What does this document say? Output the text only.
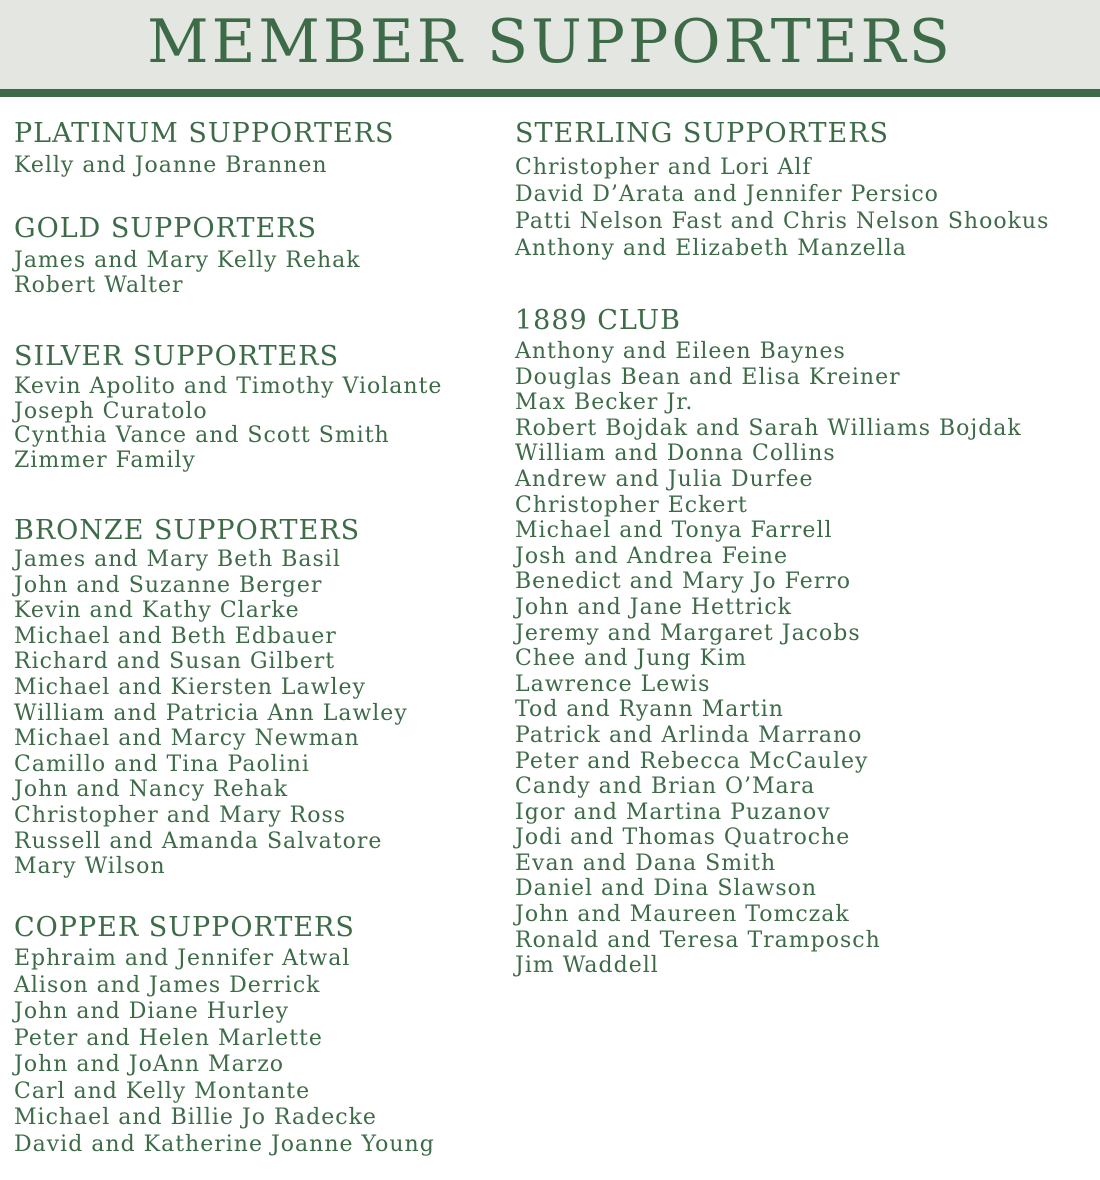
MEMBER SUPPORTERS
PLATINUM SUPPORTERS
Kelly and Joanne Brannen
GOLD SUPPORTERS
James and Mary Kelly Rehak
Robert Walter
SILVER SUPPORTERS
Kevin Apolito and Timothy Violante
Joseph Curatolo
Cynthia Vance and Scott Smith
Zimmer Family
BRONZE SUPPORTERS
James and Mary Beth Basil
John and Suzanne Berger
Kevin and Kathy Clarke
Michael and Beth Edbauer
Richard and Susan Gilbert
Michael and Kiersten Lawley
William and Patricia Ann Lawley
Michael and Marcy Newman
Camillo and Tina Paolini
John and Nancy Rehak
Christopher and Mary Ross
Russell and Amanda Salvatore
Mary Wilson
COPPER SUPPORTERS
Ephraim and Jennifer Atwal
Alison and James Derrick
John and Diane Hurley
Peter and Helen Marlette
John and JoAnn Marzo
Carl and Kelly Montante
Michael and Billie Jo Radecke
David and Katherine Joanne Young
STERLING SUPPORTERS
Christopher and Lori Alf
David D’Arata and Jennifer Persico
Patti Nelson Fast and Chris Nelson Shookus
Anthony and Elizabeth Manzella
1889 CLUB
Anthony and Eileen Baynes
Douglas Bean and Elisa Kreiner
Max Becker Jr.
Robert Bojdak and Sarah Williams Bojdak
William and Donna Collins
Andrew and Julia Durfee
Christopher Eckert
Michael and Tonya Farrell
Josh and Andrea Feine
Benedict and Mary Jo Ferro
John and Jane Hettrick
Jeremy and Margaret Jacobs
Chee and Jung Kim
Lawrence Lewis
Tod and Ryann Martin
Patrick and Arlinda Marrano
Peter and Rebecca McCauley
Candy and Brian O’Mara
Igor and Martina Puzanov
Jodi and Thomas Quatroche
Evan and Dana Smith
Daniel and Dina Slawson
John and Maureen Tomczak
Ronald and Teresa Tramposch
Jim Waddell
